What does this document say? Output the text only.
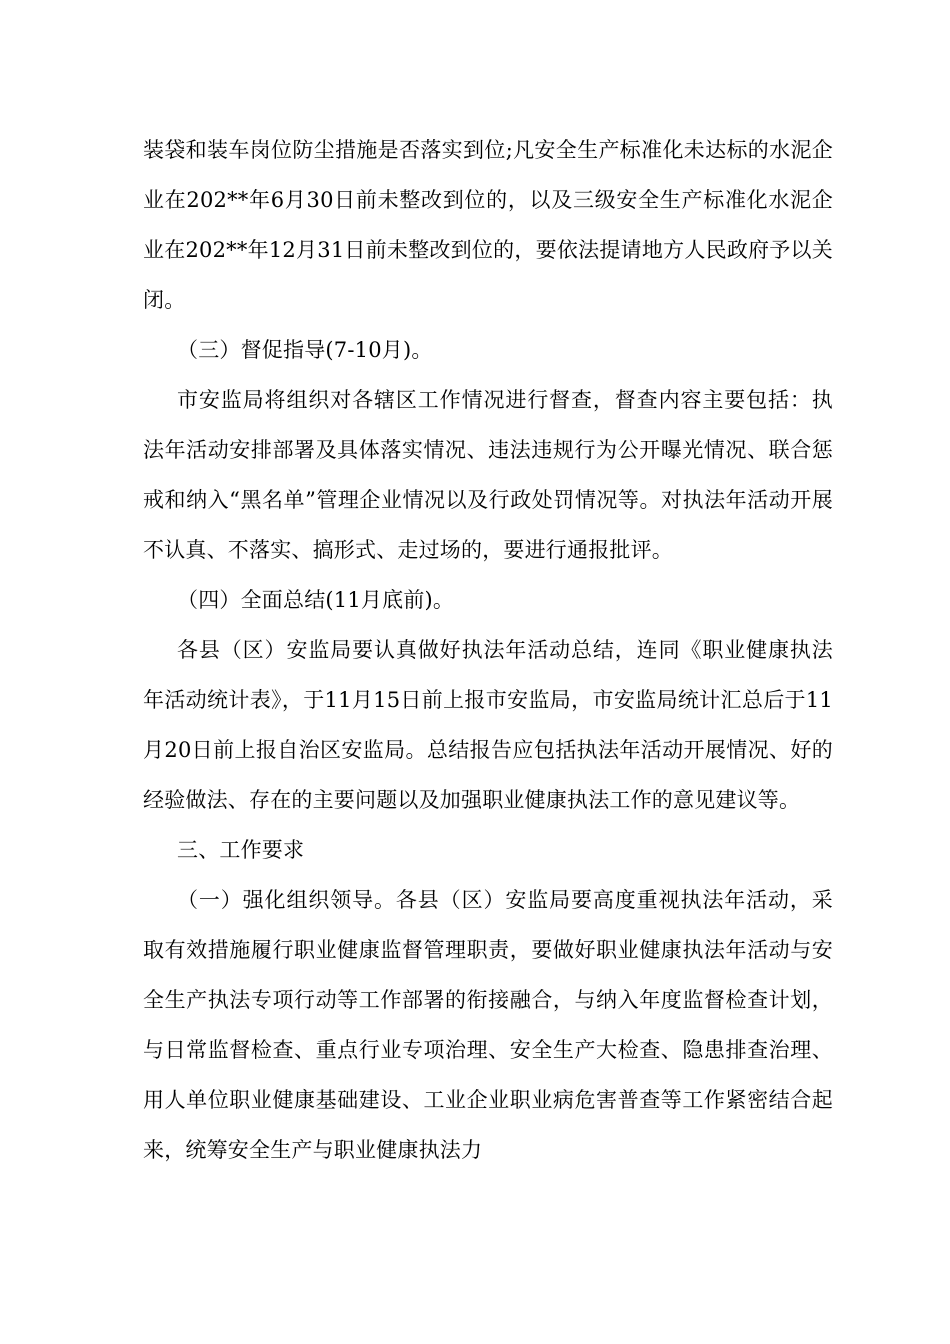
装袋和装车岗位防尘措施是否落实到位;凡安全生产标准化未达标的水泥企业在202**年6月30日前未整改到位的，以及三级安全生产标准化水泥企业在202**年12月31日前未整改到位的，要依法提请地方人民政府予以关闭。

（三）督促指导(7-10月)。

市安监局将组织对各辖区工作情况进行督查，督查内容主要包括：执法年活动安排部署及具体落实情况、违法违规行为公开曝光情况、联合惩戒和纳入“黑名单”管理企业情况以及行政处罚情况等。对执法年活动开展不认真、不落实、搞形式、走过场的，要进行通报批评。

（四）全面总结(11月底前)。

各县（区）安监局要认真做好执法年活动总结，连同《职业健康执法年活动统计表》，于11月15日前上报市安监局，市安监局统计汇总后于11月20日前上报自治区安监局。总结报告应包括执法年活动开展情况、好的经验做法、存在的主要问题以及加强职业健康执法工作的意见建议等。

三、工作要求

（一）强化组织领导。各县（区）安监局要高度重视执法年活动，采取有效措施履行职业健康监督管理职责，要做好职业健康执法年活动与安全生产执法专项行动等工作部署的衔接融合，与纳入年度监督检查计划，与日常监督检查、重点行业专项治理、安全生产大检查、隐患排查治理、用人单位职业健康基础建设、工业企业职业病危害普查等工作紧密结合起来，统筹安全生产与职业健康执法力
